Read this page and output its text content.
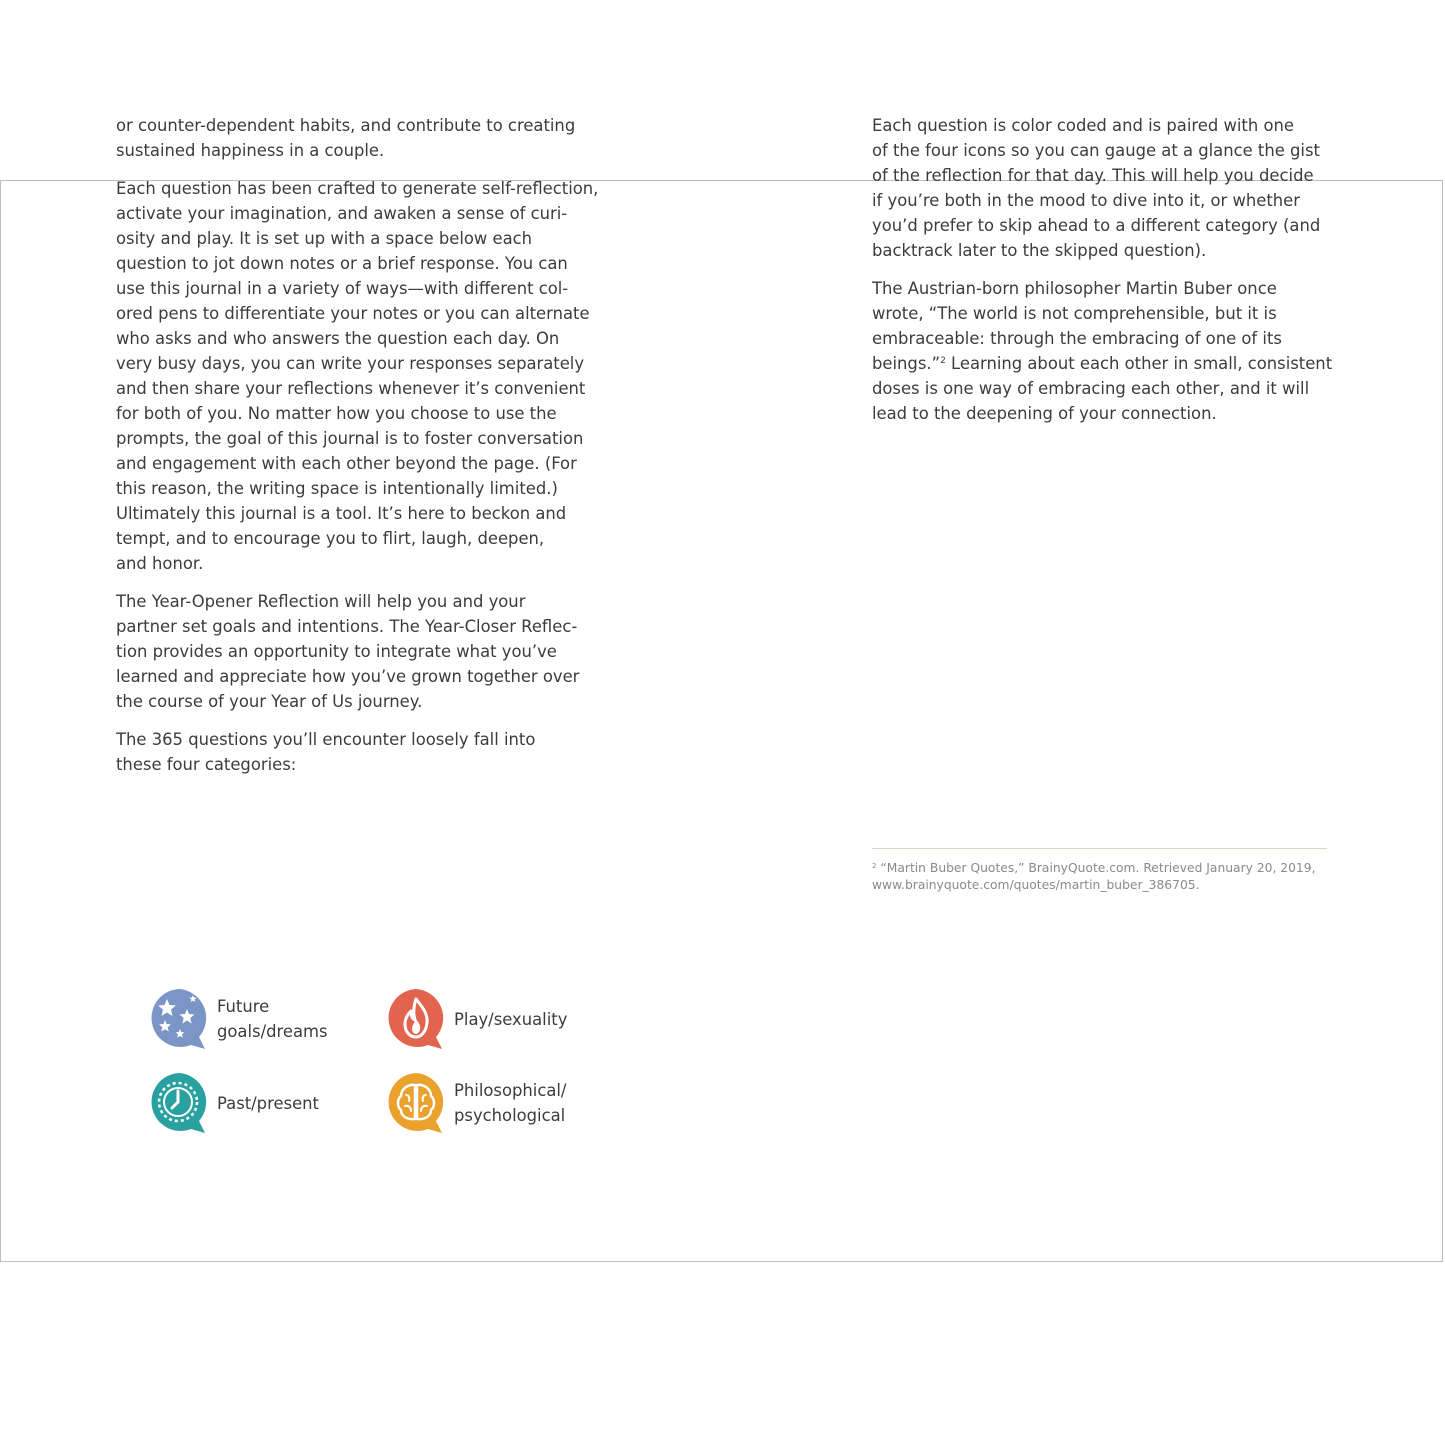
or counter-dependent habits, and contribute to creating
sustained happiness in a couple.

Each question has been crafted to generate self-reflection,
activate your imagination, and awaken a sense of curi-
osity and play. It is set up with a space below each
question to jot down notes or a brief response. You can
use this journal in a variety of ways—with different col-
ored pens to differentiate your notes or you can alternate
who asks and who answers the question each day. On
very busy days, you can write your responses separately
and then share your reflections whenever it’s convenient
for both of you. No matter how you choose to use the
prompts, the goal of this journal is to foster conversation
and engagement with each other beyond the page. (For
this reason, the writing space is intentionally limited.)
Ultimately this journal is a tool. It’s here to beckon and
tempt, and to encourage you to flirt, laugh, deepen,
and honor.

The Year-Opener Reflection will help you and your
partner set goals and intentions. The Year-Closer Reflec-
tion provides an opportunity to integrate what you’ve
learned and appreciate how you’ve grown together over
the course of your Year of Us journey.

The 365 questions you’ll encounter loosely fall into
these four categories:

Future
goals/dreams
Play/sexuality
Past/present
Philosophical/
psychological

Each question is color coded and is paired with one
of the four icons so you can gauge at a glance the gist
of the reflection for that day. This will help you decide
if you’re both in the mood to dive into it, or whether
you’d prefer to skip ahead to a different category (and
backtrack later to the skipped question).

The Austrian-born philosopher Martin Buber once
wrote, “The world is not comprehensible, but it is
embraceable: through the embracing of one of its
beings.”$^2$ Learning about each other in small, consistent
doses is one way of embracing each other, and it will
lead to the deepening of your connection.

$^2$ “Martin Buber Quotes,” BrainyQuote.com. Retrieved January 20, 2019,
www.brainyquote.com/quotes/martin_buber_386705.
